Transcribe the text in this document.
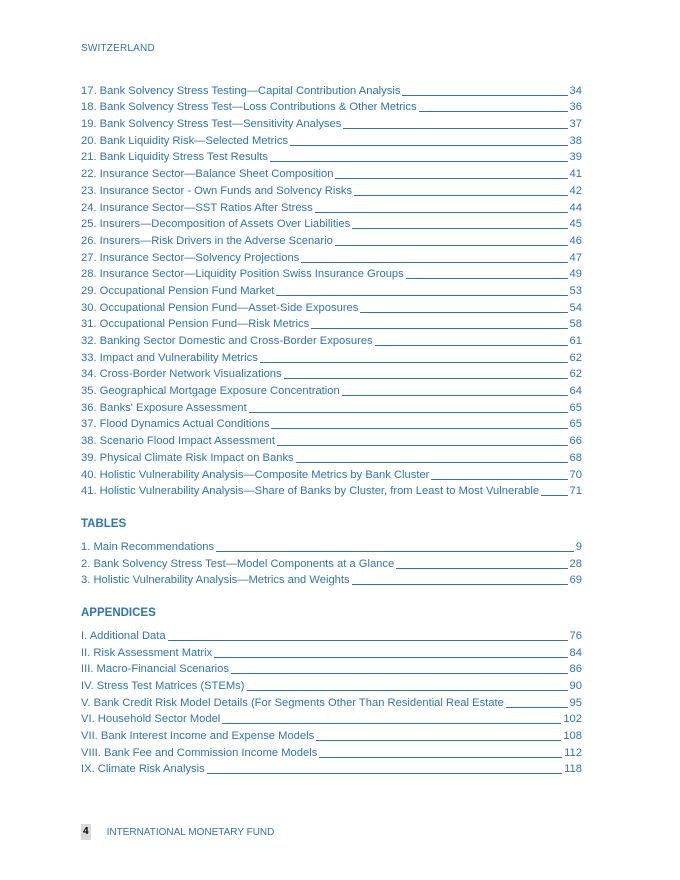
SWITZERLAND
17. Bank Solvency Stress Testing—Capital Contribution Analysis	34
18. Bank Solvency Stress Test—Loss Contributions & Other Metrics	36
19. Bank Solvency Stress Test—Sensitivity Analyses	37
20. Bank Liquidity Risk—Selected Metrics	38
21. Bank Liquidity Stress Test Results	39
22. Insurance Sector—Balance Sheet Composition	41
23. Insurance Sector - Own Funds and Solvency Risks	42
24. Insurance Sector—SST Ratios After Stress	44
25. Insurers—Decomposition of Assets Over Liabilities	45
26. Insurers—Risk Drivers in the Adverse Scenario	46
27. Insurance Sector—Solvency Projections	47
28. Insurance Sector—Liquidity Position Swiss Insurance Groups	49
29. Occupational Pension Fund Market	53
30. Occupational Pension Fund—Asset-Side Exposures	54
31. Occupational Pension Fund—Risk Metrics	58
32. Banking Sector Domestic and Cross-Border Exposures	61
33. Impact and Vulnerability Metrics	62
34. Cross-Border Network Visualizations	62
35. Geographical Mortgage Exposure Concentration	64
36. Banks' Exposure Assessment	65
37. Flood Dynamics Actual Conditions	65
38. Scenario Flood Impact Assessment	66
39. Physical Climate Risk Impact on Banks	68
40. Holistic Vulnerability Analysis—Composite Metrics by Bank Cluster	70
41. Holistic Vulnerability Analysis—Share of Banks by Cluster, from Least to Most Vulnerable	71
TABLES
1. Main Recommendations	9
2. Bank Solvency Stress Test—Model Components at a Glance	28
3. Holistic Vulnerability Analysis—Metrics and Weights	69
APPENDICES
I. Additional Data	76
II. Risk Assessment Matrix	84
III. Macro-Financial Scenarios	86
IV. Stress Test Matrices (STEMs)	90
V. Bank Credit Risk Model Details (For Segments Other Than Residential Real Estate	95
VI. Household Sector Model	102
VII. Bank Interest Income and Expense Models	108
VIII. Bank Fee and Commission Income Models	112
IX. Climate Risk Analysis	118
4 INTERNATIONAL MONETARY FUND
